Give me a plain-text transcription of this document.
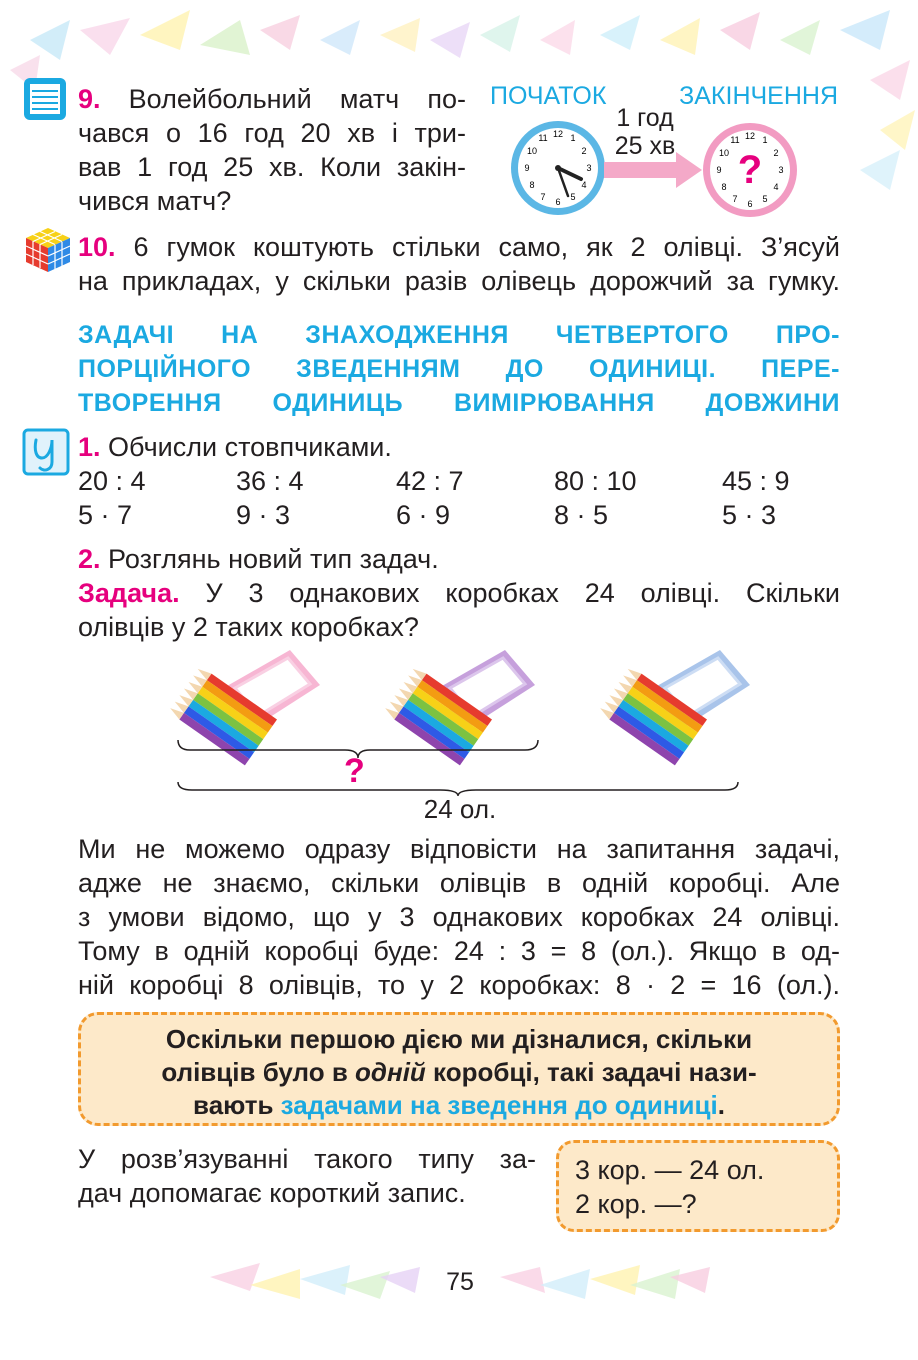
9. Волейбольний матч по-
чався о 16 год 20 хв і три-
вав 1 год 25 хв. Коли закін-
чився матч?
ПОЧАТОК	ЗАКІНЧЕННЯ
12 1
2
3
4
5
6
7
8
9
10
11
1 год
25 хв	12 1
2
3
4
5
6
7
8
9
10
11
?
10. 6 гумок коштують стільки само, як 2 олівці. З’ясуй
на прикладах, у скільки разів олівець дорожчий за гумку.
ЗАДАЧІ НА ЗНАХОДЖЕННЯ ЧЕТВЕРТОГО ПРО-
ПОРЦІЙНОГО ЗВЕДЕННЯМ ДО ОДИНИЦІ. ПЕРЕ-
ТВОРЕННЯ ОДИНИЦЬ ВИМІРЮВАННЯ ДОВЖИНИ
1. Обчисли стовпчиками.
20 : 4	36 : 4	42 : 7	80 : 10	45 : 9
5 · 7	9 · 3	6 · 9	8 · 5	5 · 3
2. Розглянь новий тип задач.
Задача. У 3 однакових коробках 24 олівці. Скільки
олівців у 2 таких коробках?
?
24 ол.
Ми не можемо одразу відповісти на запитання задачі,
адже не знаємо, скільки олівців в одній коробці. Але
з умови відомо, що у 3 однакових коробках 24 олівці.
Тому в одній коробці буде: 24 : 3 = 8 (ол.). Якщо в од-
ній коробці 8 олівців, то у 2 коробках: 8 · 2 = 16 (ол.).
Оскільки першою дією ми дізналися, скільки
олівців було в одній коробці, такі задачі нази-
вають задачами на зведення до одиниці.
У розв’язуванні такого типу за-
дач допомагає короткий запис.
3 кор. — 24 ол.
2 кор. —?
75
